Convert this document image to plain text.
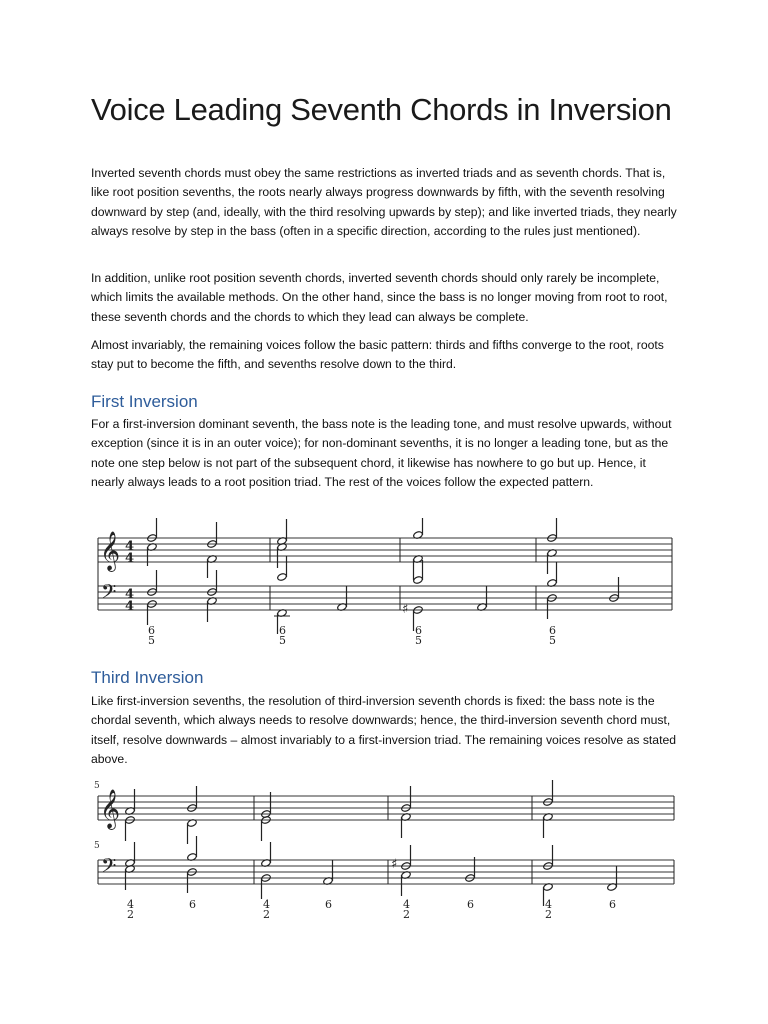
Voice Leading Seventh Chords in Inversion

Inverted seventh chords must obey the same restrictions as inverted triads and as seventh chords. That is, like root position sevenths, the roots nearly always progress downwards by fifth, with the seventh resolving downward by step (and, ideally, with the third resolving upwards by step); and like inverted triads, they nearly always resolve by step in the bass (often in a specific direction, according to the rules just mentioned).

In addition, unlike root position seventh chords, inverted seventh chords should only rarely be incomplete, which limits the available methods. On the other hand, since the bass is no longer moving from root to root, these seventh chords and the chords to which they lead can always be complete.

Almost invariably, the remaining voices follow the basic pattern: thirds and fifths converge to the root, roots stay put to become the fifth, and sevenths resolve down to the third.

First Inversion

For a first-inversion dominant seventh, the bass note is the leading tone, and must resolve upwards, without exception (since it is in an outer voice); for non-dominant sevenths, it is no longer a leading tone, but as the note one step below is not part of the subsequent chord, it likewise has nowhere to go but up. Hence, it nearly always leads to a root position triad. The rest of the voices follow the expected pattern.

𝄞
𝄢
4
4
4
4	♯
6
5
6
5
6
5
6
5
Third Inversion

Like first-inversion sevenths, the resolution of third-inversion seventh chords is fixed: the bass note is the chordal seventh, which always needs to resolve downwards; hence, the third-inversion seventh chord must, itself, resolve downwards – almost invariably to a first-inversion triad. The remaining voices resolve as stated above.

5
5
𝄞
𝄢	♯
4
2
6	4
2
6	4
2
6	4
2
6
